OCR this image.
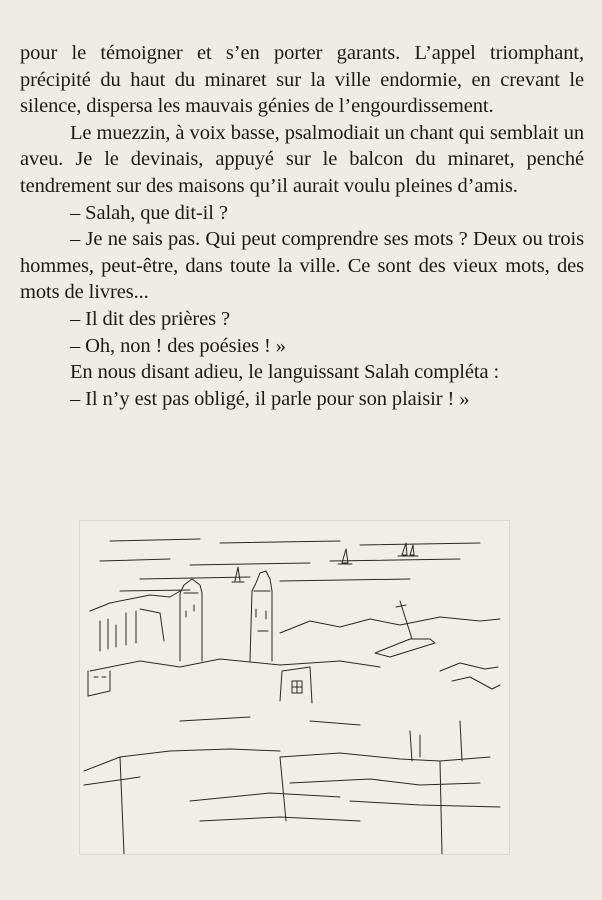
pour le témoigner et s’en porter garants. L’appel triomphant, précipité du haut du minaret sur la ville endormie, en crevant le silence, dispersa les mauvais génies de l’engourdissement.

Le muezzin, à voix basse, psalmodiait un chant qui semblait un aveu. Je le devinais, appuyé sur le balcon du minaret, penché tendrement sur des maisons qu’il aurait voulu pleines d’amis.

– Salah, que dit-il ?

– Je ne sais pas. Qui peut comprendre ses mots ? Deux ou trois hommes, peut-être, dans toute la ville. Ce sont des vieux mots, des mots de livres...

– Il dit des prières ?

– Oh, non ! des poésies ! »

En nous disant adieu, le languissant Salah compléta :

– Il n’y est pas obligé, il parle pour son plaisir ! »
